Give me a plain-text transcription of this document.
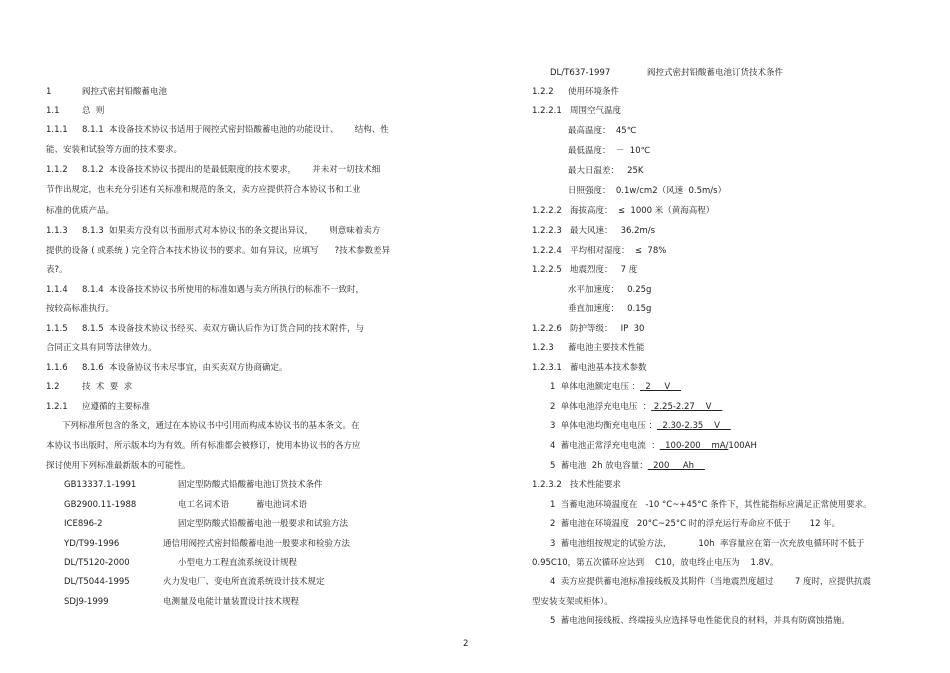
1	阀控式密封铅酸蓄电池
1.1	总  则
1.1.1 8.1.1  本设备技术协议书适用于阀控式密封铅酸蓄电池的功能设计、      结构、性
能、安装和试验等方面的技术要求。
1.1.2 8.1.2  本设备技术协议书提出的是最低限度的技术要求，      并未对一切技术细
节作出规定，也未充分引述有关标准和规范的条文，卖方应提供符合本协议书和工业
标准的优质产品。
1.1.3 8.1.3  如果卖方没有以书面形式对本协议书的条文提出异议，      则意味着卖方
提供的设备 ( 或系统 ) 完全符合本技术协议书的要求。如有异议，应填写      ?技术参数差异
表?。
1.1.4 8.1.4  本设备技术协议书所使用的标准如遇与卖方所执行的标准不一致时，
按较高标准执行。
1.1.5 8.1.5  本设备技术协议书经买、卖双方确认后作为订货合同的技术附件，与
合同正文具有同等法律效力。
1.1.6 8.1.6  本设备协议书未尽事宜，由买卖双方协商确定。
1.2	技  术  要  求
1.2.1 应遵循的主要标准
下列标准所包含的条文，通过在本协议书中引用而构成本协议书的基本条文。在
本协议书出版时，所示版本均为有效。所有标准都会被修订，使用本协议书的各方应
探讨使用下列标准最新版本的可能性。
GB13337.1-1991	固定型防酸式铅酸蓄电池订货技术条件
GB2900.11-1988	电工名词术语          蓄电池词术语
ICE896-2	固定型防酸式铅酸蓄电池一般要求和试验方法
YD/T99-1996	通信用阀控式密封铅酸蓄电池一般要求和检验方法
DL/T5120-2000	小型电力工程直流系统设计规程
DL/T5044-1995	火力发电厂、变电所直流系统设计技术规定
SDJ9-1999	电测量及电能计量装置设计技术规程
DL/T637-1997	阀控式密封铅酸蓄电池订货技术条件
1.2.2 使用环境条件
1.2.2.1 周围空气温度
最高温度：  45℃
最低温度：  －  10℃
最大日温差：   25K
日照强度：  0.1w/cm2（风速  0.5m/s）
1.2.2.2 海拔高度：  ≤  1000 米（黄海高程）
1.2.2.3 最大风速：   36.2m/s
1.2.2.4 平均相对湿度：  ≤  78%
1.2.2.5 地震烈度：   7 度
水平加速度：   0.25g
垂直加速度：   0.15g
1.2.2.6 防护等级：   IP  30
1.2.3 蓄电池主要技术性能
1.2.3.1 蓄电池基本技术参数
1  单体电池额定电压 ：  2     V
2  单体电池浮充电电压  ： 2.25-2.27    V
3  单体电池均衡充电电压 ：  2.30-2.35    V
4  蓄电池正常浮充电电流  ：  100-200    mA/100AH
5  蓄电池  2h 放电容量：  200     Ah
1.2.3.2 技术性能要求
1  当蓄电池环境温度在   -10 °C~+45°C 条件下，其性能指标应满足正常使用要求。
2  蓄电池在环境温度   20°C~25°C 时的浮充运行寿命应不低于       12 年。
3  蓄电池组按规定的试验方法，          10h  率容量应在第一次充放电循环时不低于
0.95C10，第五次循环应达到    C10，放电终止电压为    1.8V。
4  卖方应提供蓄电池标准接线板及其附件（当地震烈度超过        7 度时，应提供抗震
型安装支架或柜体）。
5  蓄电池间接线板、终端接头应选择导电性能优良的材料，并具有防腐蚀措施。
2
